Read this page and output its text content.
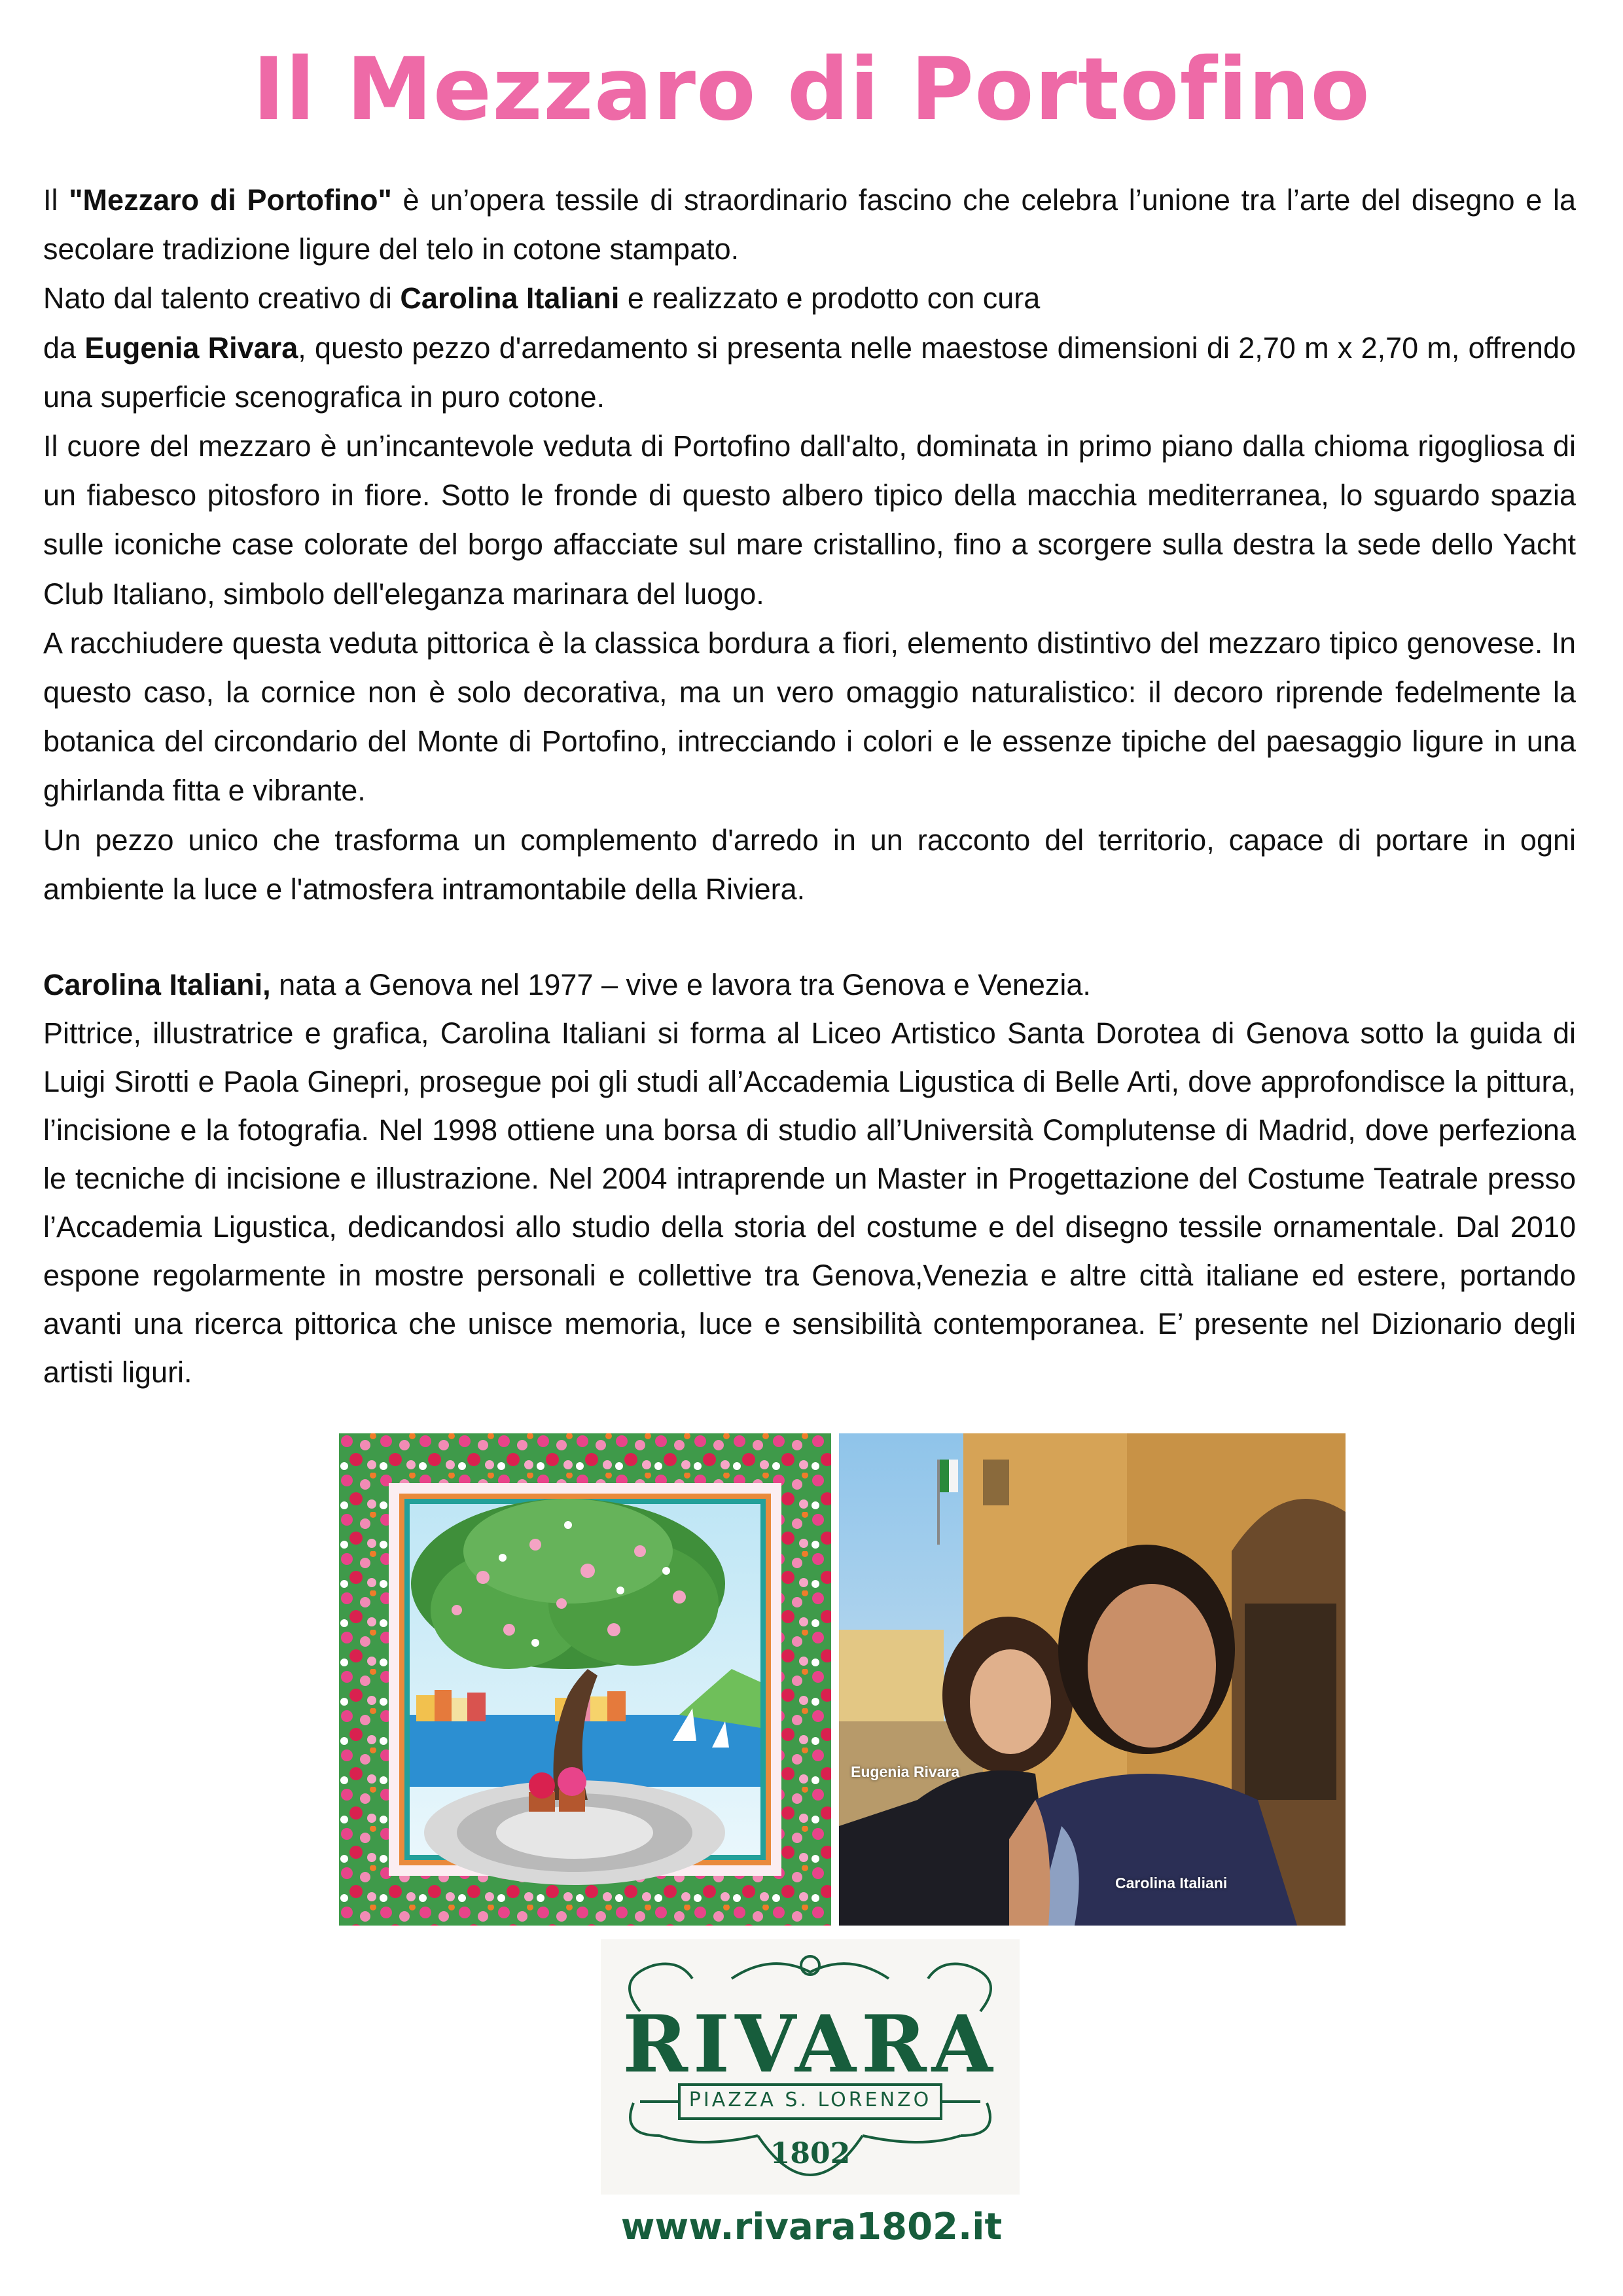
Il Mezzaro di Portofino

Il "Mezzaro di Portofino" è un’opera tessile di straordinario fascino che celebra l’unione tra l’arte del disegno e la secolare tradizione ligure del telo in cotone stampato.

Nato dal talento creativo di Carolina Italiani e realizzato e prodotto con cura

da Eugenia Rivara, questo pezzo d'arredamento si presenta nelle maestose dimensioni di 2,70 m x 2,70 m, offrendo una superficie scenografica in puro cotone.

Il cuore del mezzaro è un’incantevole veduta di Portofino dall'alto, dominata in primo piano dalla chioma rigogliosa di un fiabesco pitosforo in fiore. Sotto le fronde di questo albero tipico della macchia mediterranea, lo sguardo spazia sulle iconiche case colorate del borgo affacciate sul mare cristallino, fino a scorgere sulla destra la sede dello Yacht Club Italiano, simbolo dell'eleganza marinara del luogo.

A racchiudere questa veduta pittorica è la classica bordura a fiori, elemento distintivo del mezzaro tipico genovese. In questo caso, la cornice non è solo decorativa, ma un vero omaggio naturalistico: il decoro riprende fedelmente la botanica del circondario del Monte di Portofino, intrecciando i colori e le essenze tipiche del paesaggio ligure in una ghirlanda fitta e vibrante.

Un pezzo unico che trasforma un complemento d'arredo in un racconto del territorio, capace di portare in ogni ambiente la luce e l'atmosfera intramontabile della Riviera.

Carolina Italiani, nata a Genova nel 1977 – vive e lavora tra Genova e Venezia.

Pittrice, illustratrice e grafica, Carolina Italiani si forma al Liceo Artistico Santa Dorotea di Genova sotto la guida di Luigi Sirotti e Paola Ginepri, prosegue poi gli studi all’Accademia Ligustica di Belle Arti, dove approfondisce la pittura, l’incisione e la fotografia. Nel 1998 ottiene una borsa di studio all’Università Complutense di Madrid, dove perfeziona le tecniche di incisione e illustrazione. Nel 2004 intraprende un Master in Progettazione del Costume Teatrale presso l’Accademia Ligustica, dedicandosi allo studio della storia del costume e del disegno tessile ornamentale. Dal 2010 espone regolarmente in mostre personali e collettive tra Genova,Venezia e altre città italiane ed estere, portando avanti una ricerca pittorica che unisce memoria, luce e sensibilità contemporanea. E’ presente nel Dizionario degli artisti liguri.

Eugenia Rivara
Carolina Italiani
RIVARA
PIAZZA S. LORENZO
1802
www.rivara1802.it
